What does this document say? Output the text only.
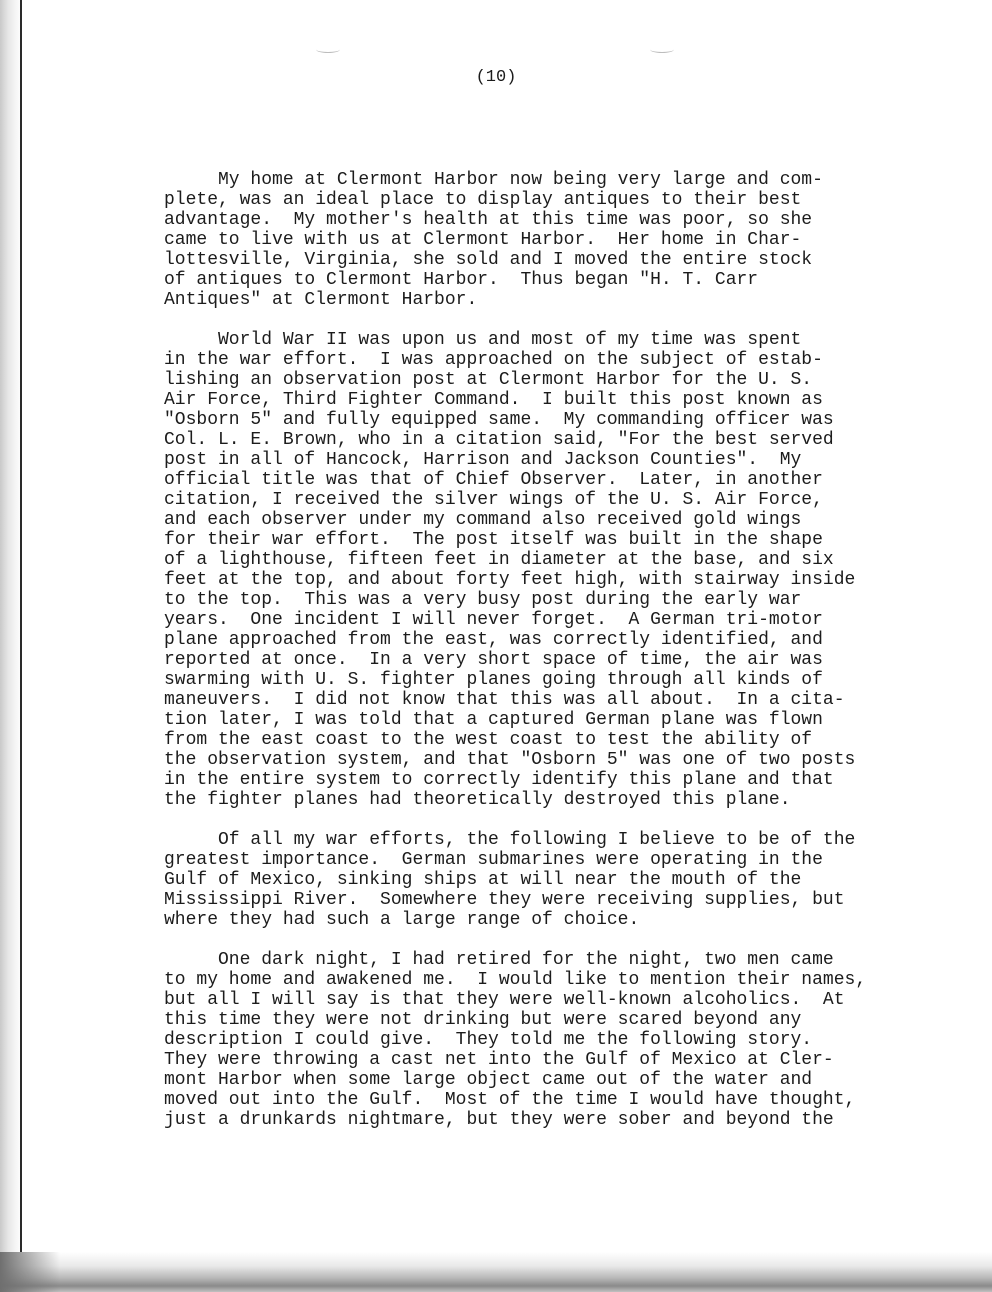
(10)
My home at Clermont Harbor now being very large and com-
plete, was an ideal place to display antiques to their best
advantage.  My mother's health at this time was poor, so she
came to live with us at Clermont Harbor.  Her home in Char-
lottesville, Virginia, she sold and I moved the entire stock
of antiques to Clermont Harbor.  Thus began "H. T. Carr
Antiques" at Clermont Harbor.
World War II was upon us and most of my time was spent
in the war effort.  I was approached on the subject of estab-
lishing an observation post at Clermont Harbor for the U. S.
Air Force, Third Fighter Command.  I built this post known as
"Osborn 5" and fully equipped same.  My commanding officer was
Col. L. E. Brown, who in a citation said, "For the best served
post in all of Hancock, Harrison and Jackson Counties".  My
official title was that of Chief Observer.  Later, in another
citation, I received the silver wings of the U. S. Air Force,
and each observer under my command also received gold wings
for their war effort.  The post itself was built in the shape
of a lighthouse, fifteen feet in diameter at the base, and six
feet at the top, and about forty feet high, with stairway inside
to the top.  This was a very busy post during the early war
years.  One incident I will never forget.  A German tri-motor
plane approached from the east, was correctly identified, and
reported at once.  In a very short space of time, the air was
swarming with U. S. fighter planes going through all kinds of
maneuvers.  I did not know that this was all about.  In a cita-
tion later, I was told that a captured German plane was flown
from the east coast to the west coast to test the ability of
the observation system, and that "Osborn 5" was one of two posts
in the entire system to correctly identify this plane and that
the fighter planes had theoretically destroyed this plane.
Of all my war efforts, the following I believe to be of the
greatest importance.  German submarines were operating in the
Gulf of Mexico, sinking ships at will near the mouth of the
Mississippi River.  Somewhere they were receiving supplies, but
where they had such a large range of choice.
One dark night, I had retired for the night, two men came
to my home and awakened me.  I would like to mention their names,
but all I will say is that they were well-known alcoholics.  At
this time they were not drinking but were scared beyond any
description I could give.  They told me the following story.
They were throwing a cast net into the Gulf of Mexico at Cler-
mont Harbor when some large object came out of the water and
moved out into the Gulf.  Most of the time I would have thought,
just a drunkards nightmare, but they were sober and beyond the
